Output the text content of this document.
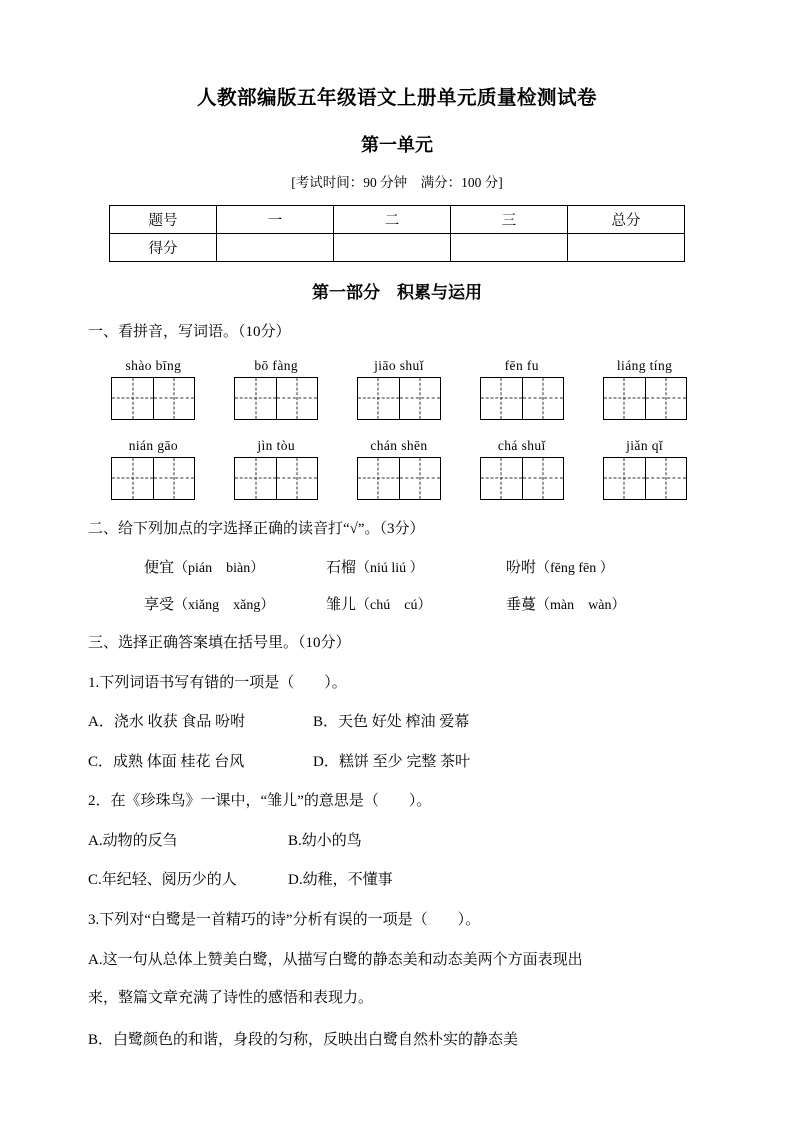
人教部编版五年级语文上册单元质量检测试卷
第一单元
[考试时间：90 分钟　满分：100 分]
题号	一	二	三	总分
得分				
第一部分　积累与运用
一、看拼音，写词语。（10分）
shào bīng	bō fàng	jiāo shuǐ	fēn fu	liáng tíng
nián gāo	jìn tòu	chán shēn	chá shuǐ	jiǎn qǐ
二、给下列加点的字选择正确的读音打“√”。（3分）
便宜（pián　biàn）	石榴（niú liú ）	吩咐（fēng fēn ）
享受（xiǎng　xǎng）	雏儿（chú　cú）	垂蔓（màn　wàn）
三、选择正确答案填在括号里。（10分）
1.下列词语书写有错的一项是（　　）。
A．浇水 收获 食品 吩咐	B．天色 好处 榨油 爱幕
C．成熟 体面 桂花 台风	D．糕饼 至少 完整 茶叶
2．在《珍珠鸟》一课中，“雏儿”的意思是（　　）。
A.动物的反刍	B.幼小的鸟
C.年纪轻、阅历少的人	D.幼稚，不懂事
3.下列对“白鹭是一首精巧的诗”分析有误的一项是（　　）。
A.这一句从总体上赞美白鹭，从描写白鹭的静态美和动态美两个方面表现出
来，整篇文章充满了诗性的感悟和表现力。
B．白鹭颜色的和谐，身段的匀称，反映出白鹭自然朴实的静态美
